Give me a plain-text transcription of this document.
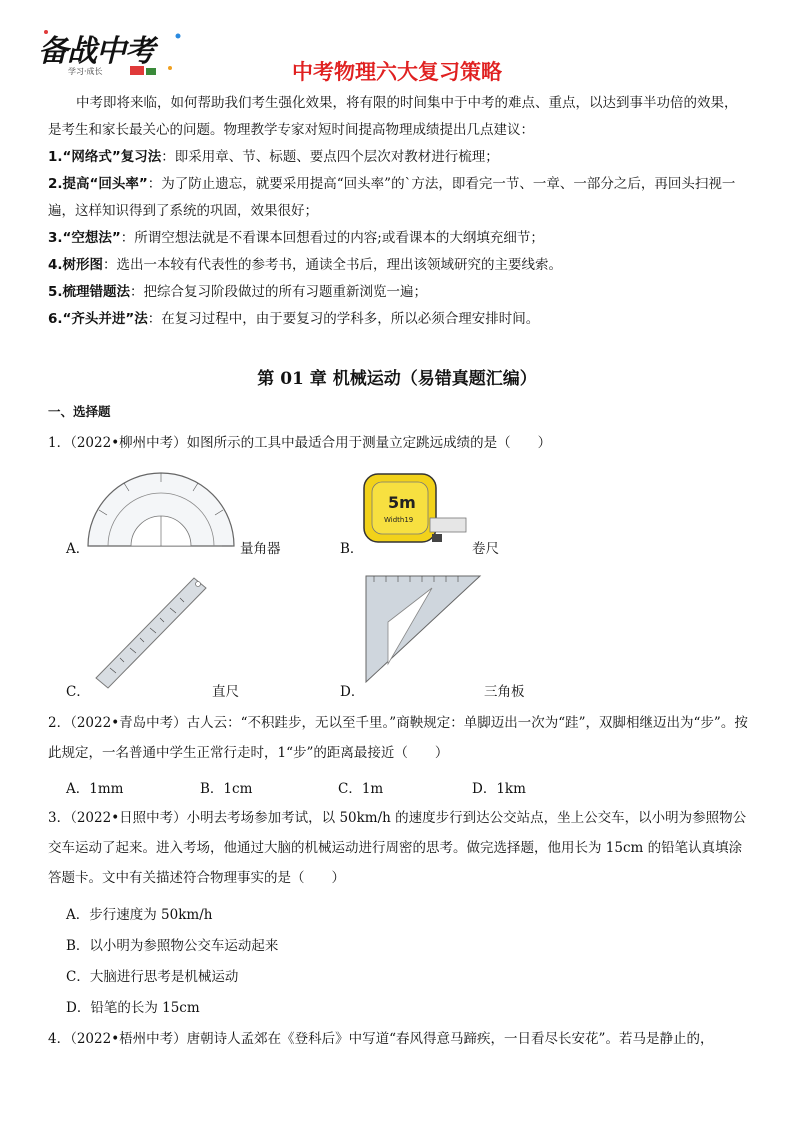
备战中考
学习·成长	中考物理六大复习策略
中考即将来临，如何帮助我们考生强化效果，将有限的时间集中于中考的难点、重点，以达到事半功倍的效果，是考生和家长最关心的问题。物理教学专家对短时间提高物理成绩提出几点建议：
1.“网络式”复习法：即采用章、节、标题、要点四个层次对教材进行梳理；
2.提高“回头率”：为了防止遗忘，就要采用提高“回头率”的`方法，即看完一节、一章、一部分之后，再回头扫视一遍，这样知识得到了系统的巩固，效果很好；
3.“空想法”：所谓空想法就是不看课本回想看过的内容;或看课本的大纲填充细节；
4.树形图：选出一本较有代表性的参考书，通读全书后，理出该领域研究的主要线索。
5.梳理错题法：把综合复习阶段做过的所有习题重新浏览一遍；
6.“齐头并进”法：在复习过程中，由于要复习的学科多，所以必须合理安排时间。
第 01 章 机械运动（易错真题汇编）
一、选择题
1．（2022•柳州中考）如图所示的工具中最适合用于测量立定跳远成绩的是（　　）
A．	量角器
5m
Width19
B．	卷尺
C．	直尺	D．	三角板
2．（2022•青岛中考）古人云：“不积跬步，无以至千里。”商鞅规定：单脚迈出一次为“跬”，双脚相继迈出为“步”。按此规定，一名普通中学生正常行走时，1“步”的距离最接近（　　）
A．1mm	B．1cm	C．1m	D．1km
3．（2022•日照中考）小明去考场参加考试，以 50km/h 的速度步行到达公交站点，坐上公交车，以小明为参照物公交车运动了起来。进入考场，他通过大脑的机械运动进行周密的思考。做完选择题，他用长为 15cm 的铅笔认真填涂答题卡。文中有关描述符合物理事实的是（　　）
A．步行速度为 50km/h
B．以小明为参照物公交车运动起来
C．大脑进行思考是机械运动
D．铅笔的长为 15cm
4．（2022•梧州中考）唐朝诗人孟郊在《登科后》中写道“春风得意马蹄疾，一日看尽长安花”。若马是静止的，
